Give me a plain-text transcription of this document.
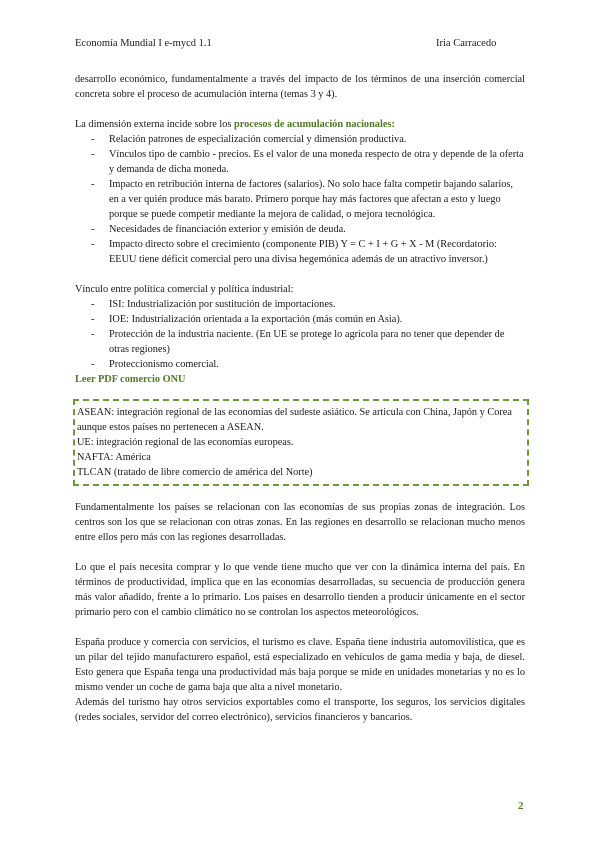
Economía Mundial I e-mycd 1.1	Iria Carracedo

desarrollo económico, fundamentalmente a través del impacto de los términos de una inserción comercial concreta sobre el proceso de acumulación interna (temas 3 y 4).

La dimensión externa incide sobre los procesos de acumulación nacionales:

- Relación patrones de especialización comercial y dimensión productiva.
- Vínculos tipo de cambio - precios. Es el valor de una moneda respecto de otra y depende de la oferta y demanda de dicha moneda.
- Impacto en retribución interna de factores (salarios). No solo hace falta competir bajando salarios, en a ver quién produce más barato. Primero porque hay más factores que afectan a esto y luego porque se puede competir mediante la mejora de calidad, o mejora tecnológica.
- Necesidades de financiación exterior y emisión de deuda.
- Impacto directo sobre el crecimiento (componente PIB) Y = C + I + G + X - M (Recordatorio: EEUU tiene déficit comercial pero una divisa hegemónica además de un atractivo inversor.)

Vínculo entre política comercial y política industrial:

- ISI: Industrialización por sustitución de importaciones.
- IOE: Industrialización orientada a la exportación (más común en Asia).
- Protección de la industria naciente. (En UE se protege lo agrícola para no tener que depender de otras regiones)
- Proteccionismo comercial.

Leer PDF comercio ONU

ASEAN: integración regional de las economías del sudeste asiático. Se articula con China, Japón y Corea aunque estos países no pertenecen a ASEAN.

UE: integración regional de las economías europeas.

NAFTA: América

TLCAN (tratado de libre comercio de américa del Norte)

Fundamentalmente los países se relacionan con las economías de sus propias zonas de integración. Los centros son los que se relacionan con otras zonas. En las regiones en desarrollo se relacionan mucho menos entre ellos pero más con las regiones desarrolladas.

Lo que el país necesita comprar y lo que vende tiene mucho que ver con la dinámica interna del país. En términos de productividad, implica que en las economías desarrolladas, su secuencia de producción genera más valor añadido, frente a lo primario. Los países en desarrollo tienden a producir únicamente en el sector primario pero con el cambio climático no se controlan los aspectos meteorológicos.

España produce y comercia con servicios, el turismo es clave. España tiene industria automovilística, que es un pilar del tejido manufacturero español, está especializado en vehículos de gama media y baja, de diesel. Esto genera que España tenga una productividad más baja porque se mide en unidades monetarias y no es lo mismo vender un coche de gama baja que alta a nivel monetario.

Además del turismo hay otros servicios exportables como el transporte, los seguros, los servicios digitales (redes sociales, servidor del correo electrónico), servicios financieros y bancarios.

2
